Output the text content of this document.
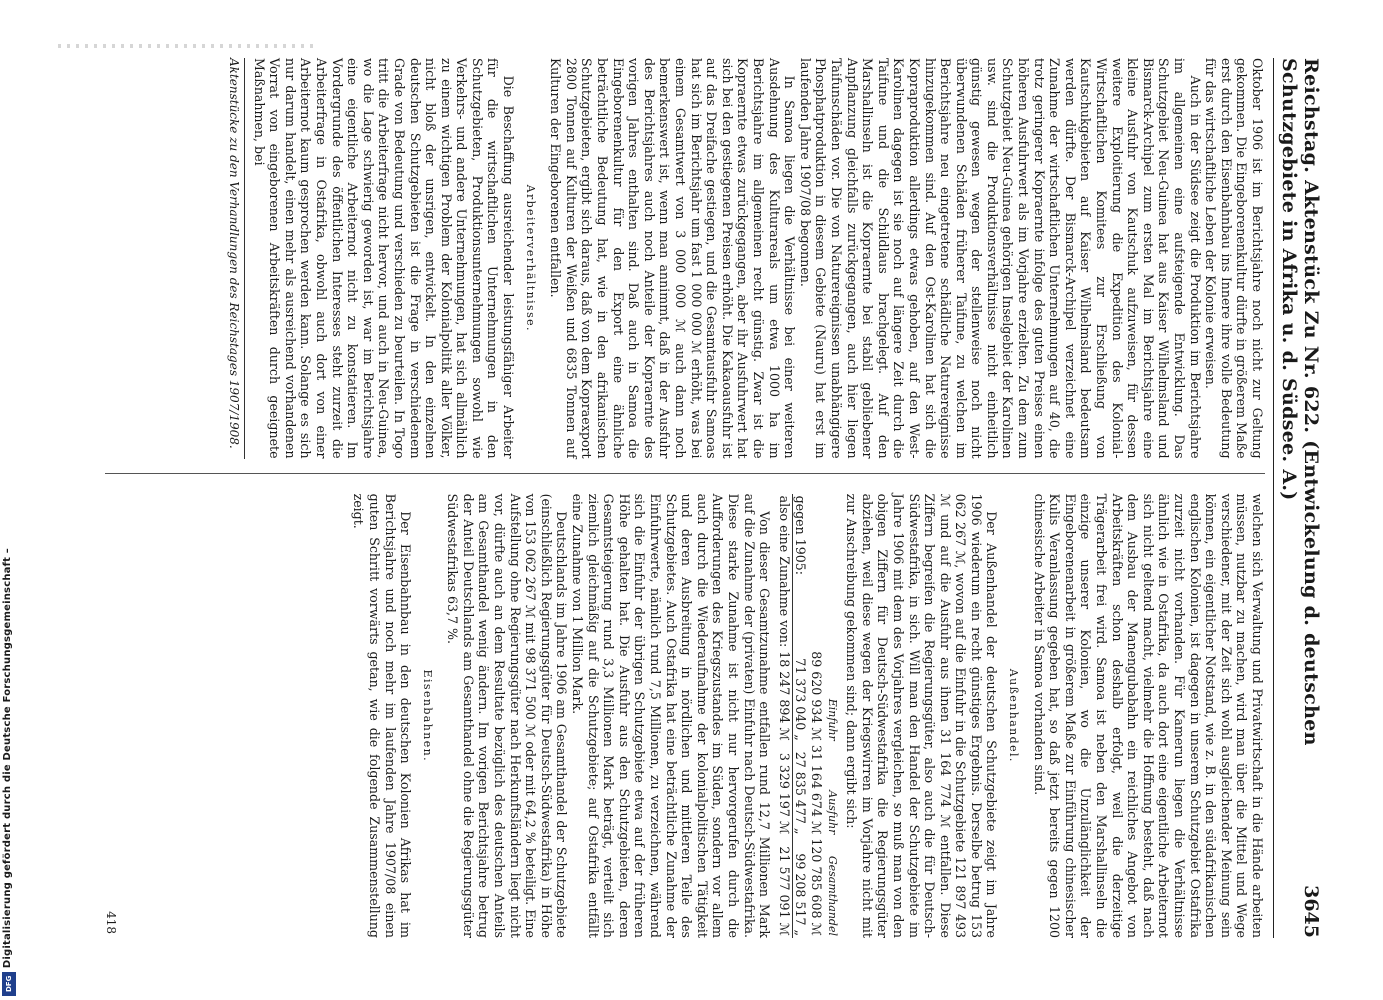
Digitalisierung gefördert durch die Deutsche Forschungsgemeinschaft –
DFG
Reichstag. Aktenstück Zu Nr. 622. (Entwickelung d. deutschen Schutzgebiete in Afrika u. d. Südsee. A.)
3645

Oktober 1906 ist im Berichtsjahre noch nicht zur Geltung gekommen. Die Eingeborenenkultur dürfte in größerem Maße erst durch den Eisenbahnbau ins Innere ihre volle Bedeutung für das wirtschaftliche Leben der Kolonie erweisen.

Auch in der Südsee zeigt die Produktion im Berichtsjahre im allgemeinen eine aufsteigende Entwicklung. Das Schutzgebiet Neu-Guinea hat aus Kaiser Wilhelmsland und Bismarck-Archipel zum ersten Mal im Berichtsjahre eine kleine Ausfuhr von Kautschuk aufzuweisen, für dessen weitere Exploitierung die Expedition des Kolonial-Wirtschaftlichen Komitees zur Erschließung von Kautschukgebieten auf Kaiser Wilhelmsland bedeutsam werden dürfte. Der Bismarck-Archipel verzeichnet eine Zunahme der wirtschaftlichen Unternehmungen auf 40, die trotz geringerer Kopraernte infolge des guten Preises einen höheren Ausfuhrwert als im Vorjahre erzielten. Zu dem zum Schutzgebiet Neu-Guinea gehörigen Inselgebiet der Karolinen usw. sind die Produktionsverhältnisse nicht einheitlich günstig gewesen wegen der stellenweise noch nicht überwundenen Schäden früherer Taifune, zu welchen im Berichtsjahre neu eingetretene schädliche Naturereignisse hinzugekommen sind. Auf den Ost-Karolinen hat sich die Kopraproduktion allerdings etwas gehoben, auf den West-Karolinen dagegen ist sie noch auf längere Zeit durch die Taifune und die Schildlaus brachgelegt. Auf den Marshallinseln ist die Kopraernte bei stabil gebliebener Anpflanzung gleichfalls zurückgegangen, auch hier liegen Taifunschäden vor. Die von Naturereignissen unabhängigere Phosphatproduktion in diesem Gebiete (Nauru) hat erst im laufenden Jahre 1907/08 begonnen.

In Samoa liegen die Verhältnisse bei einer weiteren Ausdehnung des Kulturareals um etwa 1000 ha im Berichtsjahre im allgemeinen recht günstig. Zwar ist die Kopraernte etwas zurückgegangen, aber ihr Ausfuhrwert hat sich bei den gestiegenen Preisen erhöht. Die Kakaoausfuhr ist auf das Dreifache gestiegen, und die Gesamtausfuhr Samoas hat sich im Berichtsjahr um fast 1 000 000 ℳ erhöht, was bei einem Gesamtwert von 3 000 000 ℳ auch dann noch bemerkenswert ist, wenn man annimmt, daß in der Ausfuhr des Berichtsjahres auch noch Anteile der Kopraernte des vorigen Jahres enthalten sind. Daß auch in Samoa die Eingeborenenkultur für den Export eine ähnliche beträchtliche Bedeutung hat, wie in den afrikanischen Schutzgebieten, ergibt sich daraus, daß von dem Kopraexport 2800 Tonnen auf Kulturen der Weißen und 6835 Tonnen auf Kulturen der Eingeborenen entfallen.

Arbeiterverhältnisse.

Die Beschaffung ausreichender leistungsfähiger Arbeiter für die wirtschaftlichen Unternehmungen in den Schutzgebieten, Produktionsunternehmungen sowohl wie Verkehrs- und andere Unternehmungen, hat sich allmählich zu einem wichtigen Problem der Kolonialpolitik aller Völker, nicht bloß der unsrigen, entwickelt. In den einzelnen deutschen Schutzgebieten ist die Frage in verschiedenem Grade von Bedeutung und verschieden zu beurteilen. In Togo tritt die Arbeiterfrage nicht hervor, und auch in Neu-Guinea, wo die Lage schwierig geworden ist, war im Berichtsjahre eine eigentliche Arbeiternot nicht zu konstatieren. Im Vordergrunde des öffentlichen Interesses steht zurzeit die Arbeiterfrage in Ostafrika, obwohl auch dort von einer Arbeiternot kaum gesprochen werden kann. Solange es sich nur darum handelt, einen mehr als ausreichend vorhandenen Vorrat von eingeborenen Arbeitskräften durch geeignete Maßnahmen, bei

Aktenstücke zu den Verhandlungen des Reichstages 1907/1908.

welchen sich Verwaltung und Privatwirtschaft in die Hände arbeiten müssen, nutzbar zu machen, wird man über die Mittel und Wege verschiedener, mit der Zeit sich wohl ausgleichender Meinung sein können, ein eigentlicher Notstand, wie z. B. in den südafrikanischen englischen Kolonien, ist dagegen in unserem Schutzgebiet Ostafrika zurzeit nicht vorhanden. Für Kamerun liegen die Verhältnisse ähnlich wie in Ostafrika, da auch dort eine eigentliche Arbeiternot sich nicht geltend macht, vielmehr die Hoffnung besteht, daß nach dem Ausbau der Manengubabahn ein reichliches Angebot von Arbeitskräften schon deshalb erfolgt, weil die derzeitige Trägerarbeit frei wird. Samoa ist neben den Marshallinseln die einzige unserer Kolonien, wo die Unzulänglichkeit der Eingeborenenarbeit in größerem Maße zur Einführung chinesischer Kulis Veranlassung gegeben hat, so daß jetzt bereits gegen 1200 chinesische Arbeiter in Samoa vorhanden sind.

Außenhandel.

Der Außenhandel der deutschen Schutzgebiete zeigt im Jahre 1906 wiederum ein recht günstiges Ergebnis. Derselbe betrug 153 062 267 ℳ, wovon auf die Einfuhr in die Schutzgebiete 121 897 493 ℳ und auf die Ausfuhr aus ihnen 31 164 774 ℳ entfallen. Diese Ziffern begreifen die Regierungsgüter, also auch die für Deutsch-Südwestafrika, in sich. Will man den Handel der Schutzgebiete im Jahre 1906 mit dem des Vorjahres vergleichen, so muß man von den obigen Ziffern für Deutsch-Südwestafrika die Regierungsgüter abziehen, weil diese wegen der Kriegswirren im Vorjahre nicht mit zur Anschreibung gekommen sind; dann ergibt sich:

	Einfuhr	Ausfuhr	Gesamthandel
	89 620 934 ℳ	31 164 674 ℳ	120 785 608 ℳ
gegen 1905:	71 373 040 „	27 835 477 „	99 208 517 „
also eine Zunahme von:	18 247 894 ℳ	3 329 197 ℳ	21 577 091 ℳ

Von dieser Gesamtzunahme entfallen rund 12,7 Millionen Mark auf die Zunahme der (privaten) Einfuhr nach Deutsch-Südwestafrika. Diese starke Zunahme ist nicht nur hervorgerufen durch die Aufforderungen des Kriegszustandes im Süden, sondern vor allem auch durch die Wiederaufnahme der kolonialpolitischen Tätigkeit und deren Ausbreitung in nördlichen und mittleren Teile des Schutzgebietes. Auch Ostafrika hat eine beträchtliche Zunahme der Einfuhrwerte, nämlich rund 7,5 Millionen, zu verzeichnen, während sich die Einfuhr der übrigen Schutzgebiete etwa auf der früheren Höhe gehalten hat. Die Ausfuhr aus den Schutzgebieten, deren Gesamtsteigerung rund 3,3 Millionen Mark beträgt, verteilt sich ziemlich gleichmäßig auf die Schutzgebiete; auf Ostafrika entfällt eine Zunahme von 1 Million Mark.

Deutschlands im Jahre 1906 am Gesamthandel der Schutzgebiete (einschließlich Regierungsgüter für Deutsch-Südwestafrika) in Höhe von 153 062 267 ℳ mit 98 371 500 ℳ oder mit 64,2 % beteiligt. Eine Aufstellung ohne Regierungsgüter nach Herkunftsländern liegt nicht vor, dürfte auch an dem Resultate bezüglich des deutschen Anteils am Gesamthandel wenig ändern. Im vorigen Berichtsjahre betrug der Anteil Deutschlands am Gesamthandel ohne die Regierungsgüter Südwestafrikas 63,7 %.

Eisenbahnen.

Der Eisenbahnbau in den deutschen Kolonien Afrikas hat im Berichtsjahre und noch mehr im laufenden Jahre 1907/08 einen guten Schritt vorwärts getan, wie die folgende Zusammenstellung zeigt.

418
